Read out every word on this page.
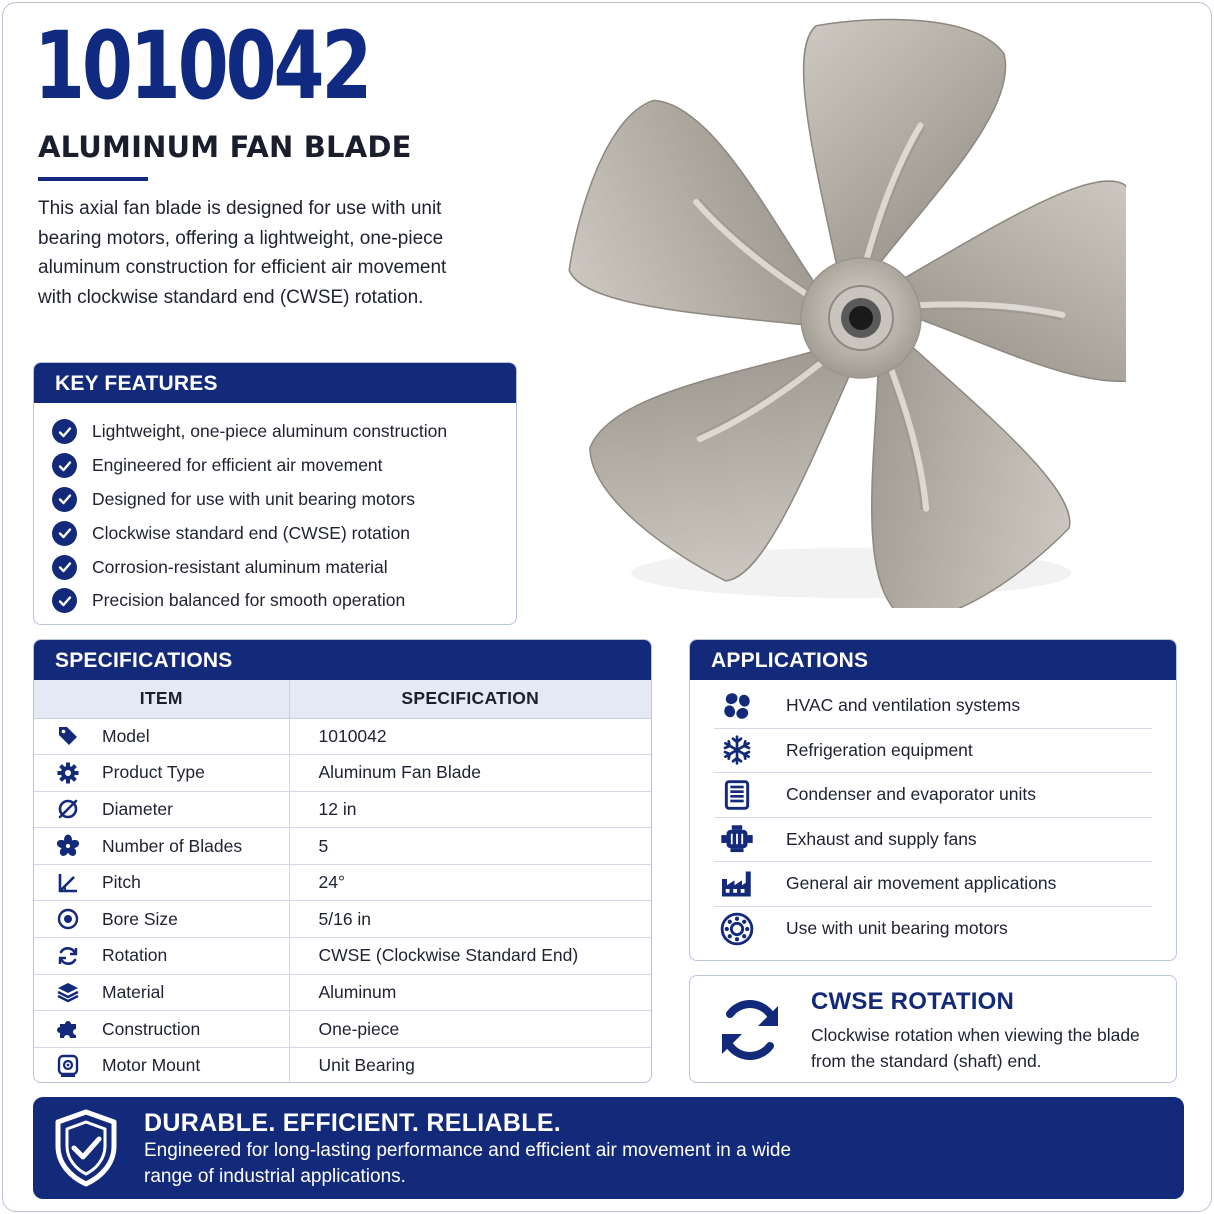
1010042
ALUMINUM FAN BLADE

This axial fan blade is designed for use with unit bearing motors, offering a lightweight, one-piece aluminum construction for efficient air movement with clockwise standard end (CWSE) rotation.

KEY FEATURES
Lightweight, one-piece aluminum construction
Engineered for efficient air movement
Designed for use with unit bearing motors
Clockwise standard end (CWSE) rotation
Corrosion-resistant aluminum material
Precision balanced for smooth operation
SPECIFICATIONS
ITEM		SPECIFICATION

	Model	1010042

	Product Type	Aluminum Fan Blade

	Diameter	12 in

	Number of Blades	5

	Pitch	24°

	Bore Size	5/16 in

	Rotation	CWSE (Clockwise Standard End)

	Material	Aluminum

	Construction	One-piece

	Motor Mount	Unit Bearing
APPLICATIONS
HVAC and ventilation systems
Refrigeration equipment
Condenser and evaporator units
Exhaust and supply fans
General air movement applications
Use with unit bearing motors
CWSE ROTATION
Clockwise rotation when viewing the blade from the standard (shaft) end.
DURABLE. EFFICIENT. RELIABLE.
Engineered for long-lasting performance and efficient air movement in a wide range of industrial applications.
